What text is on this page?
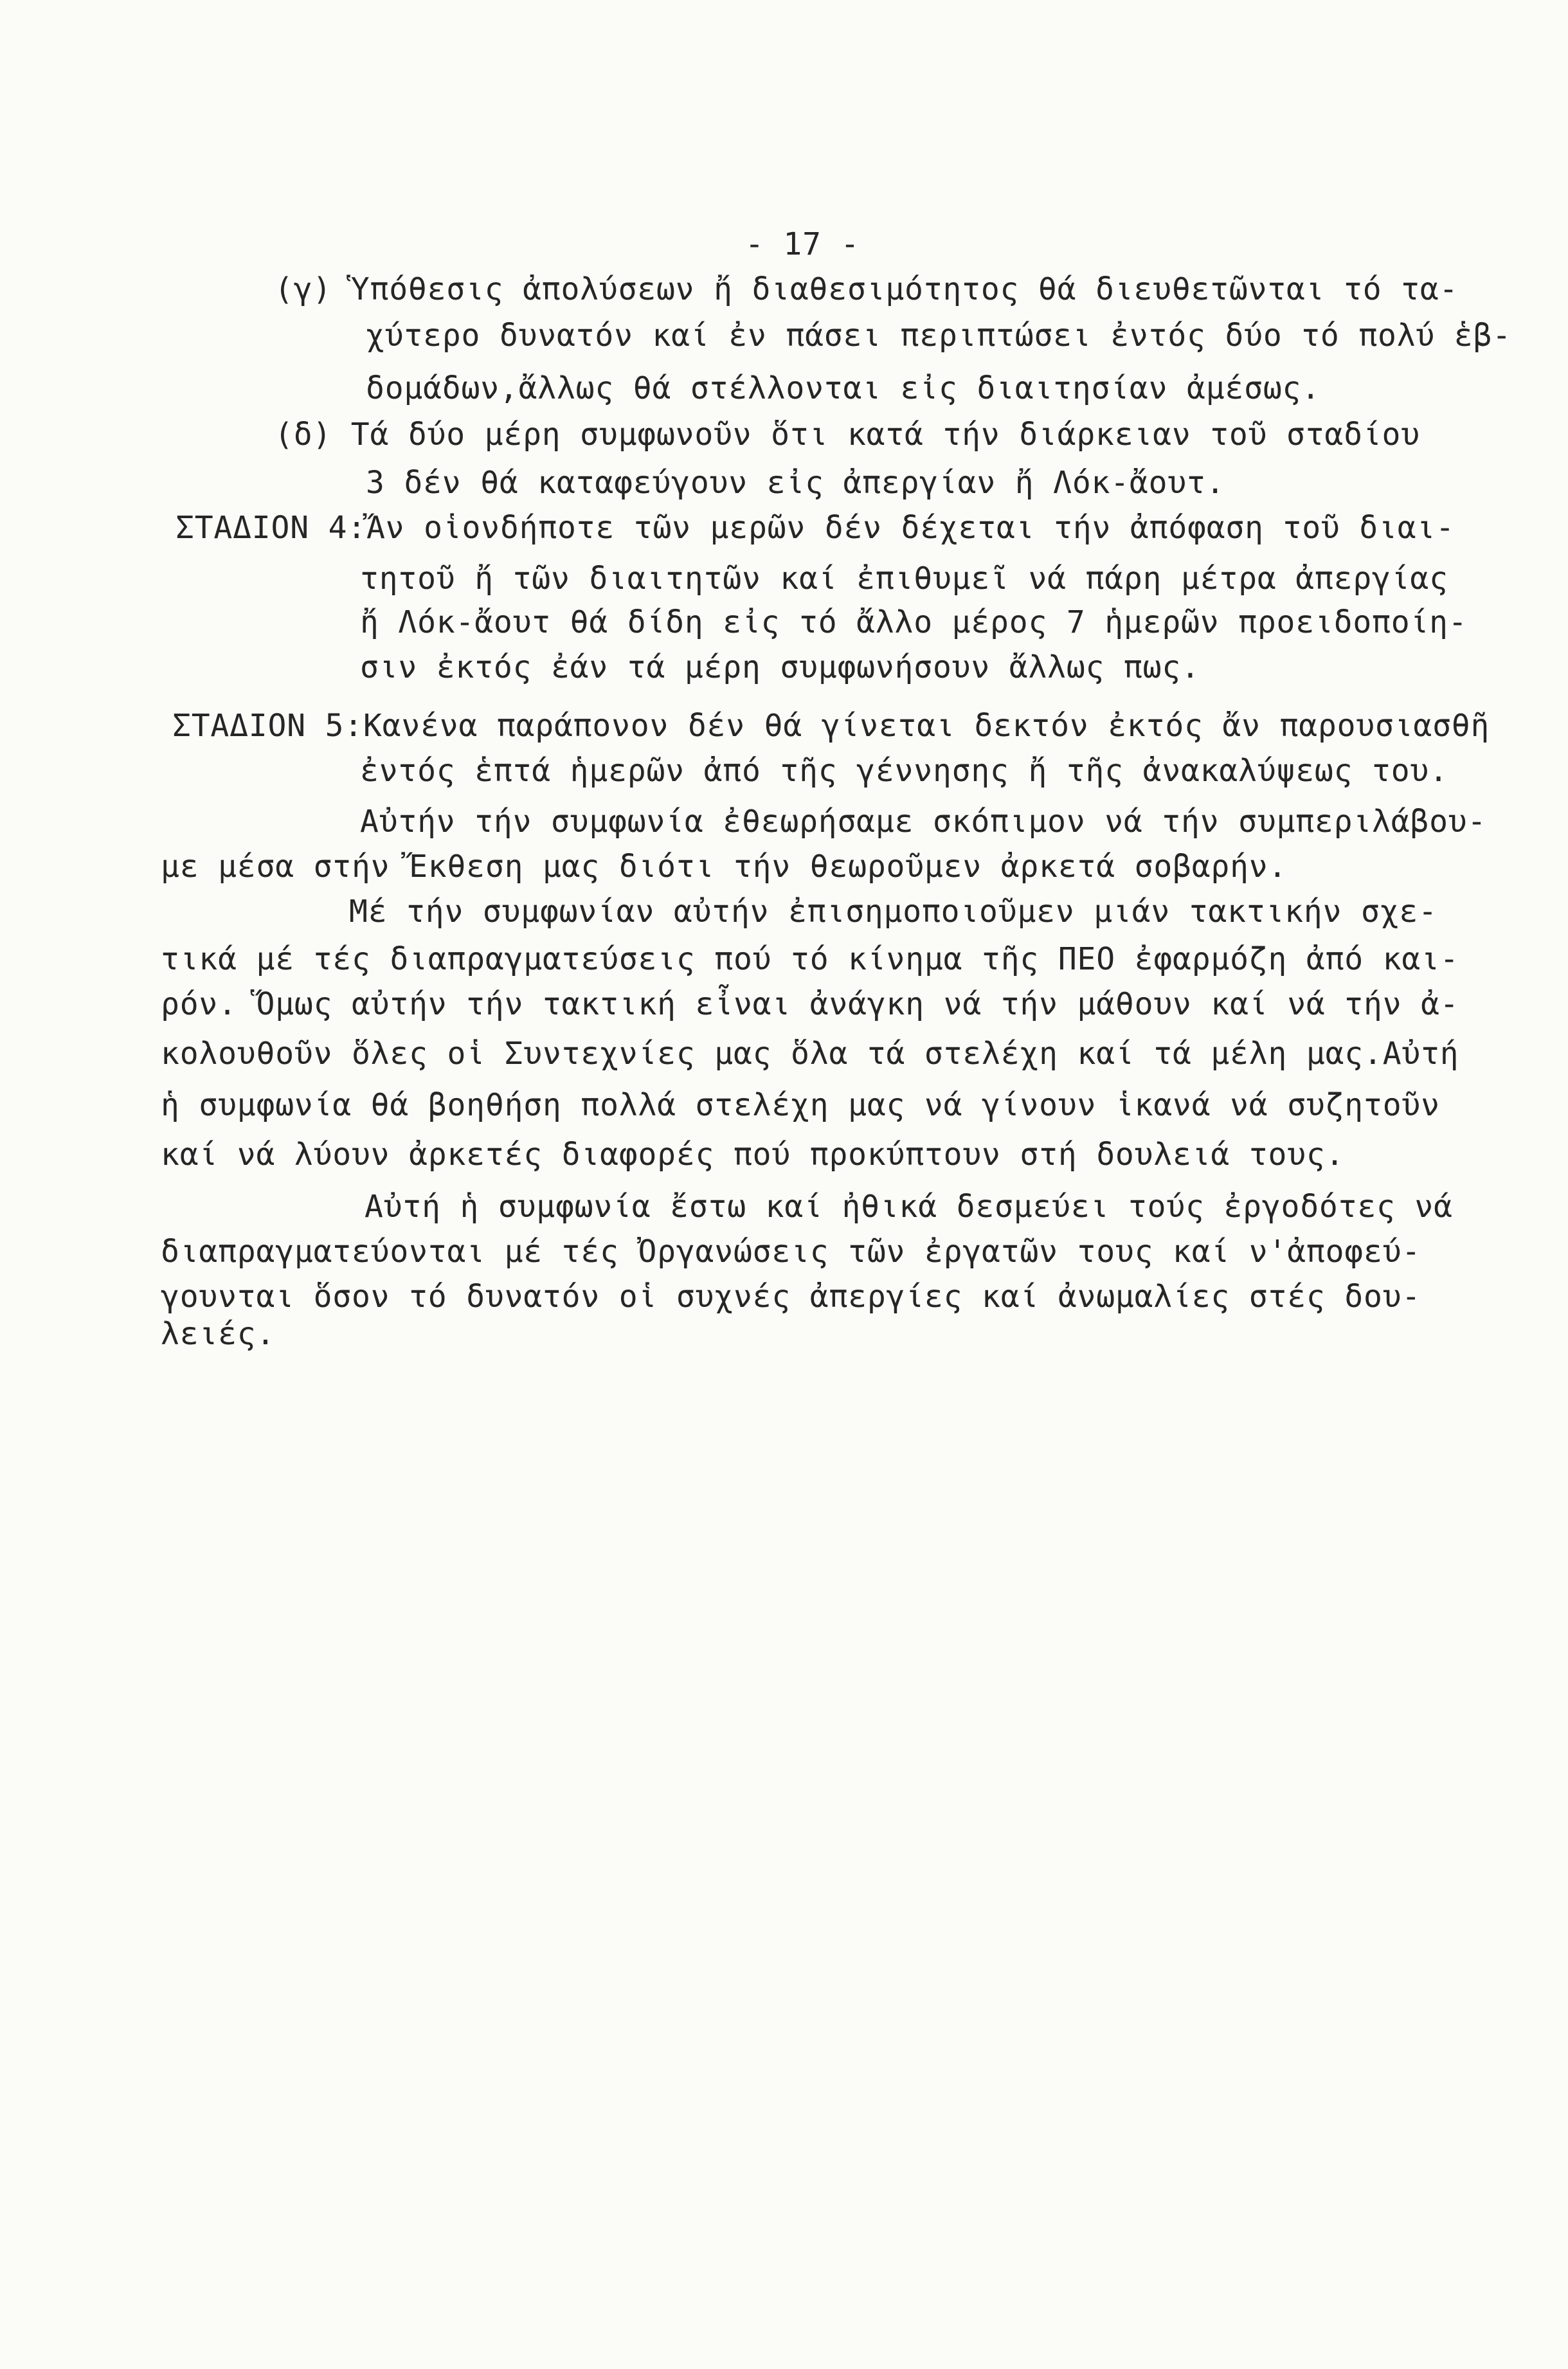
- 17 -
(γ) Ὑπόθεσις ἀπολύσεων ἤ διαθεσιμότητος θά διευθετῶνται τό τα-
χύτερο δυνατόν καί ἐν πάσει περιπτώσει ἐντός δύο τό πολύ ἑβ-
δομάδων,ἄλλως θά στέλλονται εἰς διαιτησίαν ἀμέσως.
(δ) Τά δύο μέρη συμφωνοῦν ὅτι κατά τήν διάρκειαν τοῦ σταδίου
3 δέν θά καταφεύγουν εἰς ἀπεργίαν ἤ Λόκ-ἄουτ.
ΣΤΑΔΙΟΝ 4:Ἄν οἱονδήποτε τῶν μερῶν δέν δέχεται τήν ἀπόφαση τοῦ διαι-
τητοῦ ἤ τῶν διαιτητῶν καί ἐπιθυμεῖ νά πάρη μέτρα ἀπεργίας
ἤ Λόκ-ἄουτ θά δίδη εἰς τό ἄλλο μέρος 7 ἡμερῶν προειδοποίη-
σιν ἐκτός ἐάν τά μέρη συμφωνήσουν ἄλλως πως.
ΣΤΑΔΙΟΝ 5:Κανένα παράπονον δέν θά γίνεται δεκτόν ἐκτός ἄν παρουσιασθῆ
ἐντός ἑπτά ἡμερῶν ἀπό τῆς γέννησης ἤ τῆς ἀνακαλύψεως του.
Αὐτήν τήν συμφωνία ἐθεωρήσαμε σκόπιμον νά τήν συμπεριλάβου-
με μέσα στήν Ἔκθεση μας διότι τήν θεωροῦμεν ἀρκετά σοβαρήν.
Μέ τήν συμφωνίαν αὐτήν ἐπισημοποιοῦμεν μιάν τακτικήν σχε-
τικά μέ τές διαπραγματεύσεις πού τό κίνημα τῆς ΠΕΟ ἐφαρμόζη ἀπό και-
ρόν. Ὅμως αὐτήν τήν τακτική εἶναι ἀνάγκη νά τήν μάθουν καί νά τήν ἀ-
κολουθοῦν ὅλες οἱ Συντεχνίες μας ὅλα τά στελέχη καί τά μέλη μας.Αὐτή
ἡ συμφωνία θά βοηθήση πολλά στελέχη μας νά γίνουν ἱκανά νά συζητοῦν
καί νά λύουν ἀρκετές διαφορές πού προκύπτουν στή δουλειά τους.
Αὐτή ἡ συμφωνία ἔστω καί ἠθικά δεσμεύει τούς ἐργοδότες νά
διαπραγματεύονται μέ τές Ὀργανώσεις τῶν ἐργατῶν τους καί ν'ἀποφεύ-
γουνται ὅσον τό δυνατόν οἱ συχνές ἀπεργίες καί ἀνωμαλίες στές δου-
λειές.
